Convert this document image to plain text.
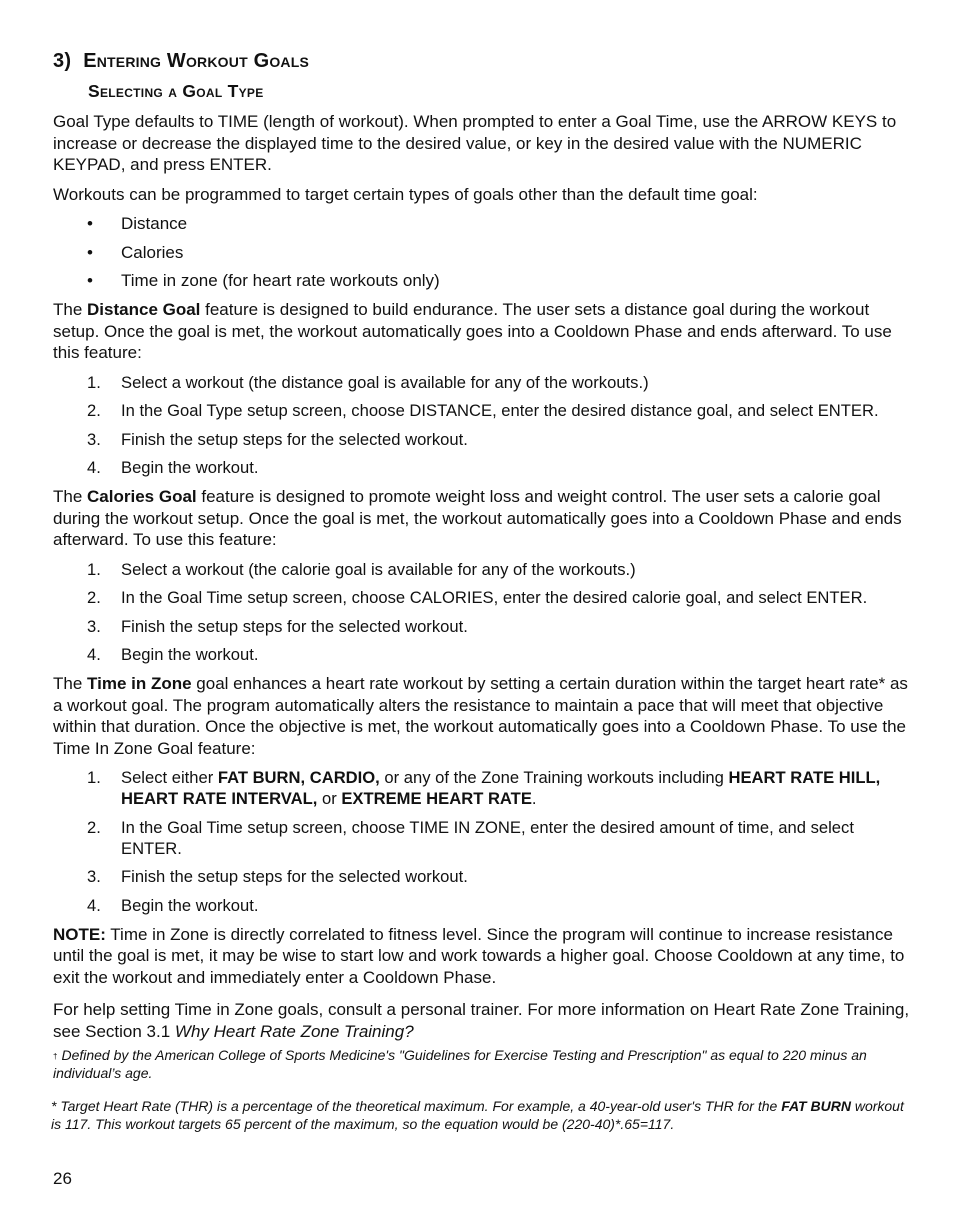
3) Entering Workout Goals
Selecting a Goal Type

Goal Type defaults to TIME (length of workout). When prompted to enter a Goal Time, use the ARROW KEYS to increase or decrease the displayed time to the desired value, or key in the desired value with the NUMERIC KEYPAD, and press ENTER.

Workouts can be programmed to target certain types of goals other than the default time goal:

• Distance
• Calories
• Time in zone (for heart rate workouts only)

The Distance Goal feature is designed to build endurance. The user sets a distance goal during the workout setup. Once the goal is met, the workout automatically goes into a Cooldown Phase and ends afterward. To use this feature:

1. Select a workout (the distance goal is available for any of the workouts.)
2. In the Goal Type setup screen, choose DISTANCE, enter the desired distance goal, and select ENTER.
3. Finish the setup steps for the selected workout.
4. Begin the workout.

The Calories Goal feature is designed to promote weight loss and weight control. The user sets a calorie goal during the workout setup. Once the goal is met, the workout automatically goes into a Cooldown Phase and ends afterward. To use this feature:

1. Select a workout (the calorie goal is available for any of the workouts.)
2. In the Goal Time setup screen, choose CALORIES, enter the desired calorie goal, and select ENTER.
3. Finish the setup steps for the selected workout.
4. Begin the workout.

The Time in Zone goal enhances a heart rate workout by setting a certain duration within the target heart rate* as a workout goal. The program automatically alters the resistance to maintain a pace that will meet that objective within that duration. Once the objective is met, the workout automatically goes into a Cooldown Phase. To use the Time In Zone Goal feature:

1. Select either FAT BURN, CARDIO, or any of the Zone Training workouts including HEART RATE HILL, HEART RATE INTERVAL, or EXTREME HEART RATE.
2. In the Goal Time setup screen, choose TIME IN ZONE, enter the desired amount of time, and select ENTER.
3. Finish the setup steps for the selected workout.
4. Begin the workout.

NOTE: Time in Zone is directly correlated to fitness level. Since the program will continue to increase resistance until the goal is met, it may be wise to start low and work towards a higher goal. Choose Cooldown at any time, to exit the workout and immediately enter a Cooldown Phase.

For help setting Time in Zone goals, consult a personal trainer. For more information on Heart Rate Zone Training, see Section 3.1 Why Heart Rate Zone Training?

† Defined by the American College of Sports Medicine's "Guidelines for Exercise Testing and Prescription" as equal to 220 minus an individual’s age.

* Target Heart Rate (THR) is a percentage of the theoretical maximum. For example, a 40-year-old user's THR for the FAT BURN workout is 117. This workout targets 65 percent of the maximum, so the equation would be (220-40)*.65=117.

26
